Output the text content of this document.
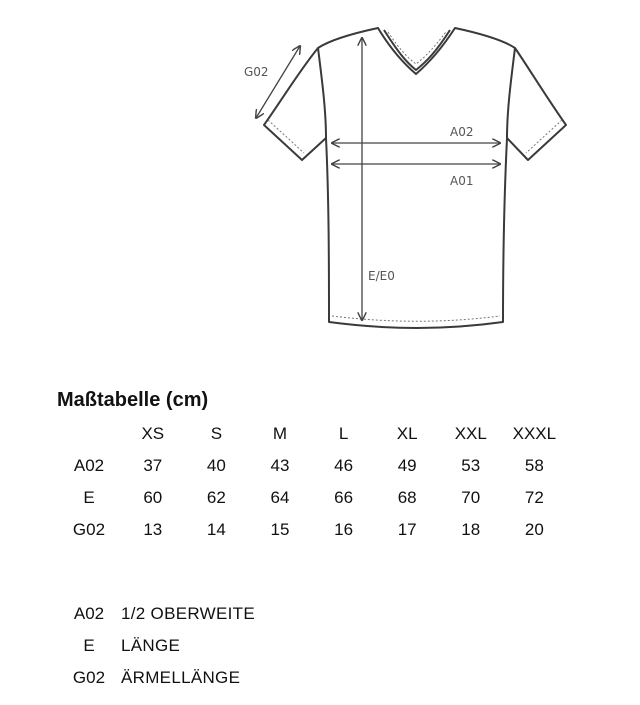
G02
A02
A01
E/E0
Maßtabelle (cm)
	XS	S	M	L	XL	XXL	XXXL
A02	37	40	43	46	49	53	58
E	60	62	64	66	68	70	72
G02	13	14	15	16	17	18	20
A02	1/2 OBERWEITE
E	LÄNGE
G02	ÄRMELLÄNGE
